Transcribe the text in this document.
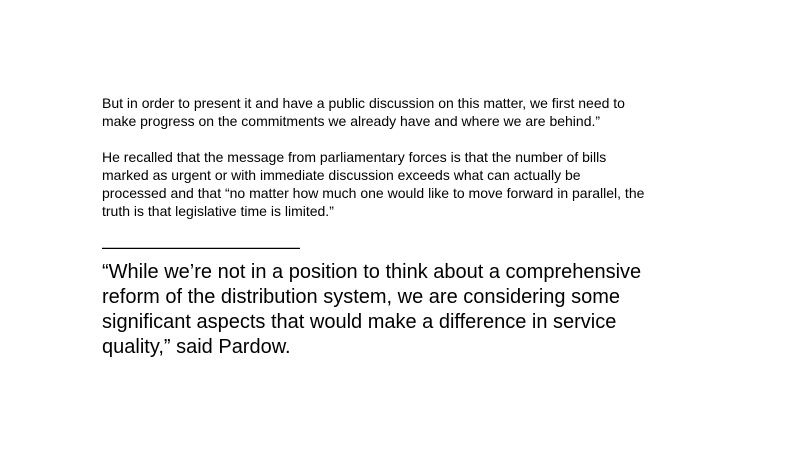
But in order to present it and have a public discussion on this matter, we first need to
make progress on the commitments we already have and where we are behind.”

He recalled that the message from parliamentary forces is that the number of bills
marked as urgent or with immediate discussion exceeds what can actually be
processed and that “no matter how much one would like to move forward in parallel, the
truth is that legislative time is limited.”

———————————

“While we’re not in a position to think about a comprehensive
reform of the distribution system, we are considering some
significant aspects that would make a difference in service
quality,” said Pardow.
